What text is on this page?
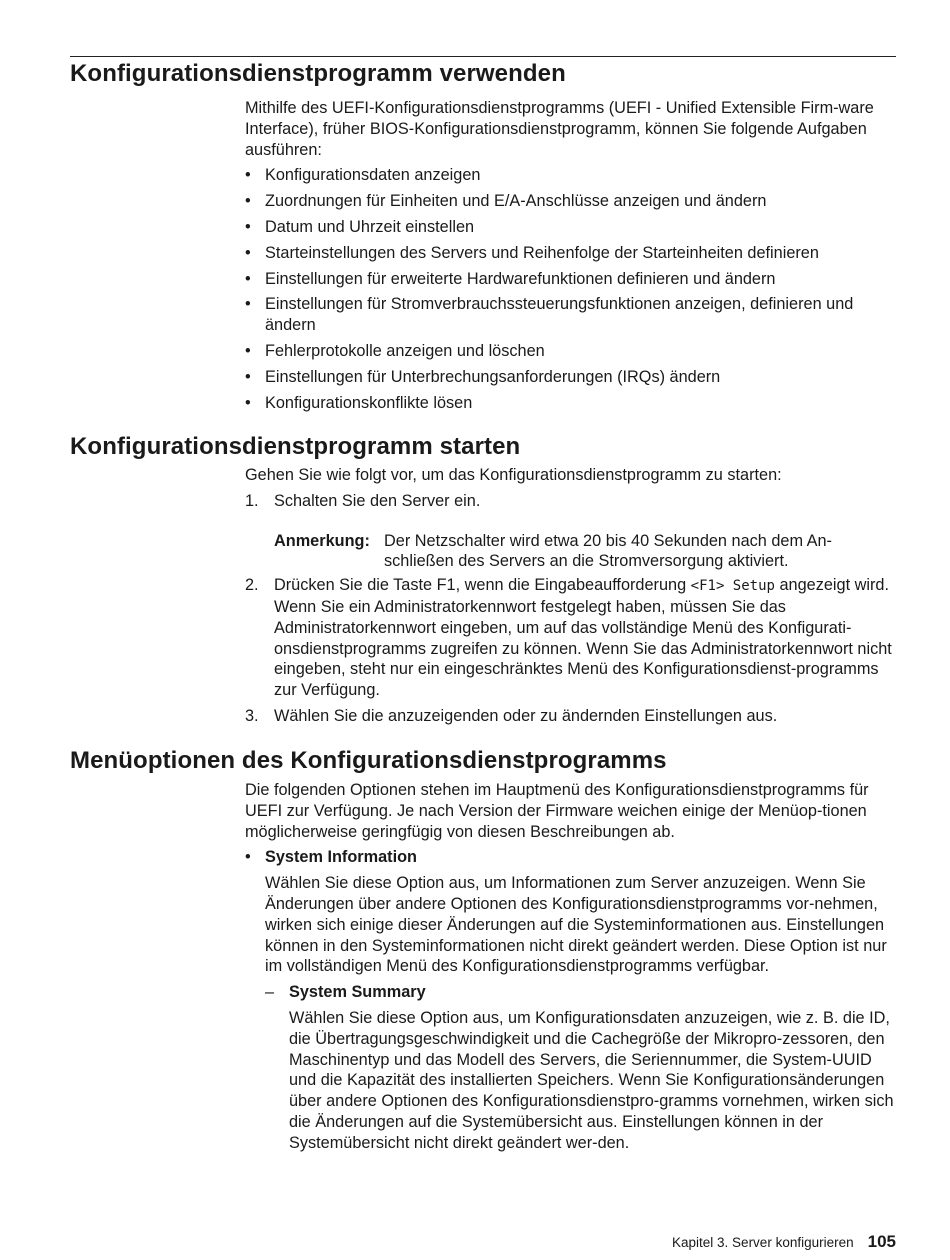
Konfigurationsdienstprogramm verwenden

Mithilfe des UEFI-Konfigurationsdienstprogramms (UEFI - Unified Extensible Firm-ware Interface), früher BIOS-Konfigurationsdienstprogramm, können Sie folgende Aufgaben ausführen:

• Konfigurationsdaten anzeigen
• Zuordnungen für Einheiten und E/A-Anschlüsse anzeigen und ändern
• Datum und Uhrzeit einstellen
• Starteinstellungen des Servers und Reihenfolge der Starteinheiten definieren
• Einstellungen für erweiterte Hardwarefunktionen definieren und ändern
• Einstellungen für Stromverbrauchssteuerungsfunktionen anzeigen, definieren und ändern
• Fehlerprotokolle anzeigen und löschen
• Einstellungen für Unterbrechungsanforderungen (IRQs) ändern
• Konfigurationskonflikte lösen
Konfigurationsdienstprogramm starten

Gehen Sie wie folgt vor, um das Konfigurationsdienstprogramm zu starten:

1. Schalten Sie den Server ein.
Anmerkung: Der Netzschalter wird etwa 20 bis 40 Sekunden nach dem An-schließen des Servers an die Stromversorgung aktiviert.
2. Drücken Sie die Taste F1, wenn die Eingabeaufforderung <F1> Setup angezeigt wird. Wenn Sie ein Administratorkennwort festgelegt haben, müssen Sie das Administratorkennwort eingeben, um auf das vollständige Menü des Konfigurati-onsdienstprogramms zugreifen zu können. Wenn Sie das Administratorkennwort nicht eingeben, steht nur ein eingeschränktes Menü des Konfigurationsdienst-programms zur Verfügung.
3. Wählen Sie die anzuzeigenden oder zu ändernden Einstellungen aus.
Menüoptionen des Konfigurationsdienstprogramms

Die folgenden Optionen stehen im Hauptmenü des Konfigurationsdienstprogramms für UEFI zur Verfügung. Je nach Version der Firmware weichen einige der Menüop-tionen möglicherweise geringfügig von diesen Beschreibungen ab.

• System Information

Wählen Sie diese Option aus, um Informationen zum Server anzuzeigen. Wenn Sie Änderungen über andere Optionen des Konfigurationsdienstprogramms vor-nehmen, wirken sich einige dieser Änderungen auf die Systeminformationen aus. Einstellungen können in den Systeminformationen nicht direkt geändert werden. Diese Option ist nur im vollständigen Menü des Konfigurationsdienstprogramms verfügbar.

– System Summary

Wählen Sie diese Option aus, um Konfigurationsdaten anzuzeigen, wie z. B. die ID, die Übertragungsgeschwindigkeit und die Cachegröße der Mikropro-zessoren, den Maschinentyp und das Modell des Servers, die Seriennummer, die System-UUID und die Kapazität des installierten Speichers. Wenn Sie Konfigurationsänderungen über andere Optionen des Konfigurationsdienstpro-gramms vornehmen, wirken sich die Änderungen auf die Systemübersicht aus. Einstellungen können in der Systemübersicht nicht direkt geändert wer-den.

Kapitel 3. Server konfigurieren 105
